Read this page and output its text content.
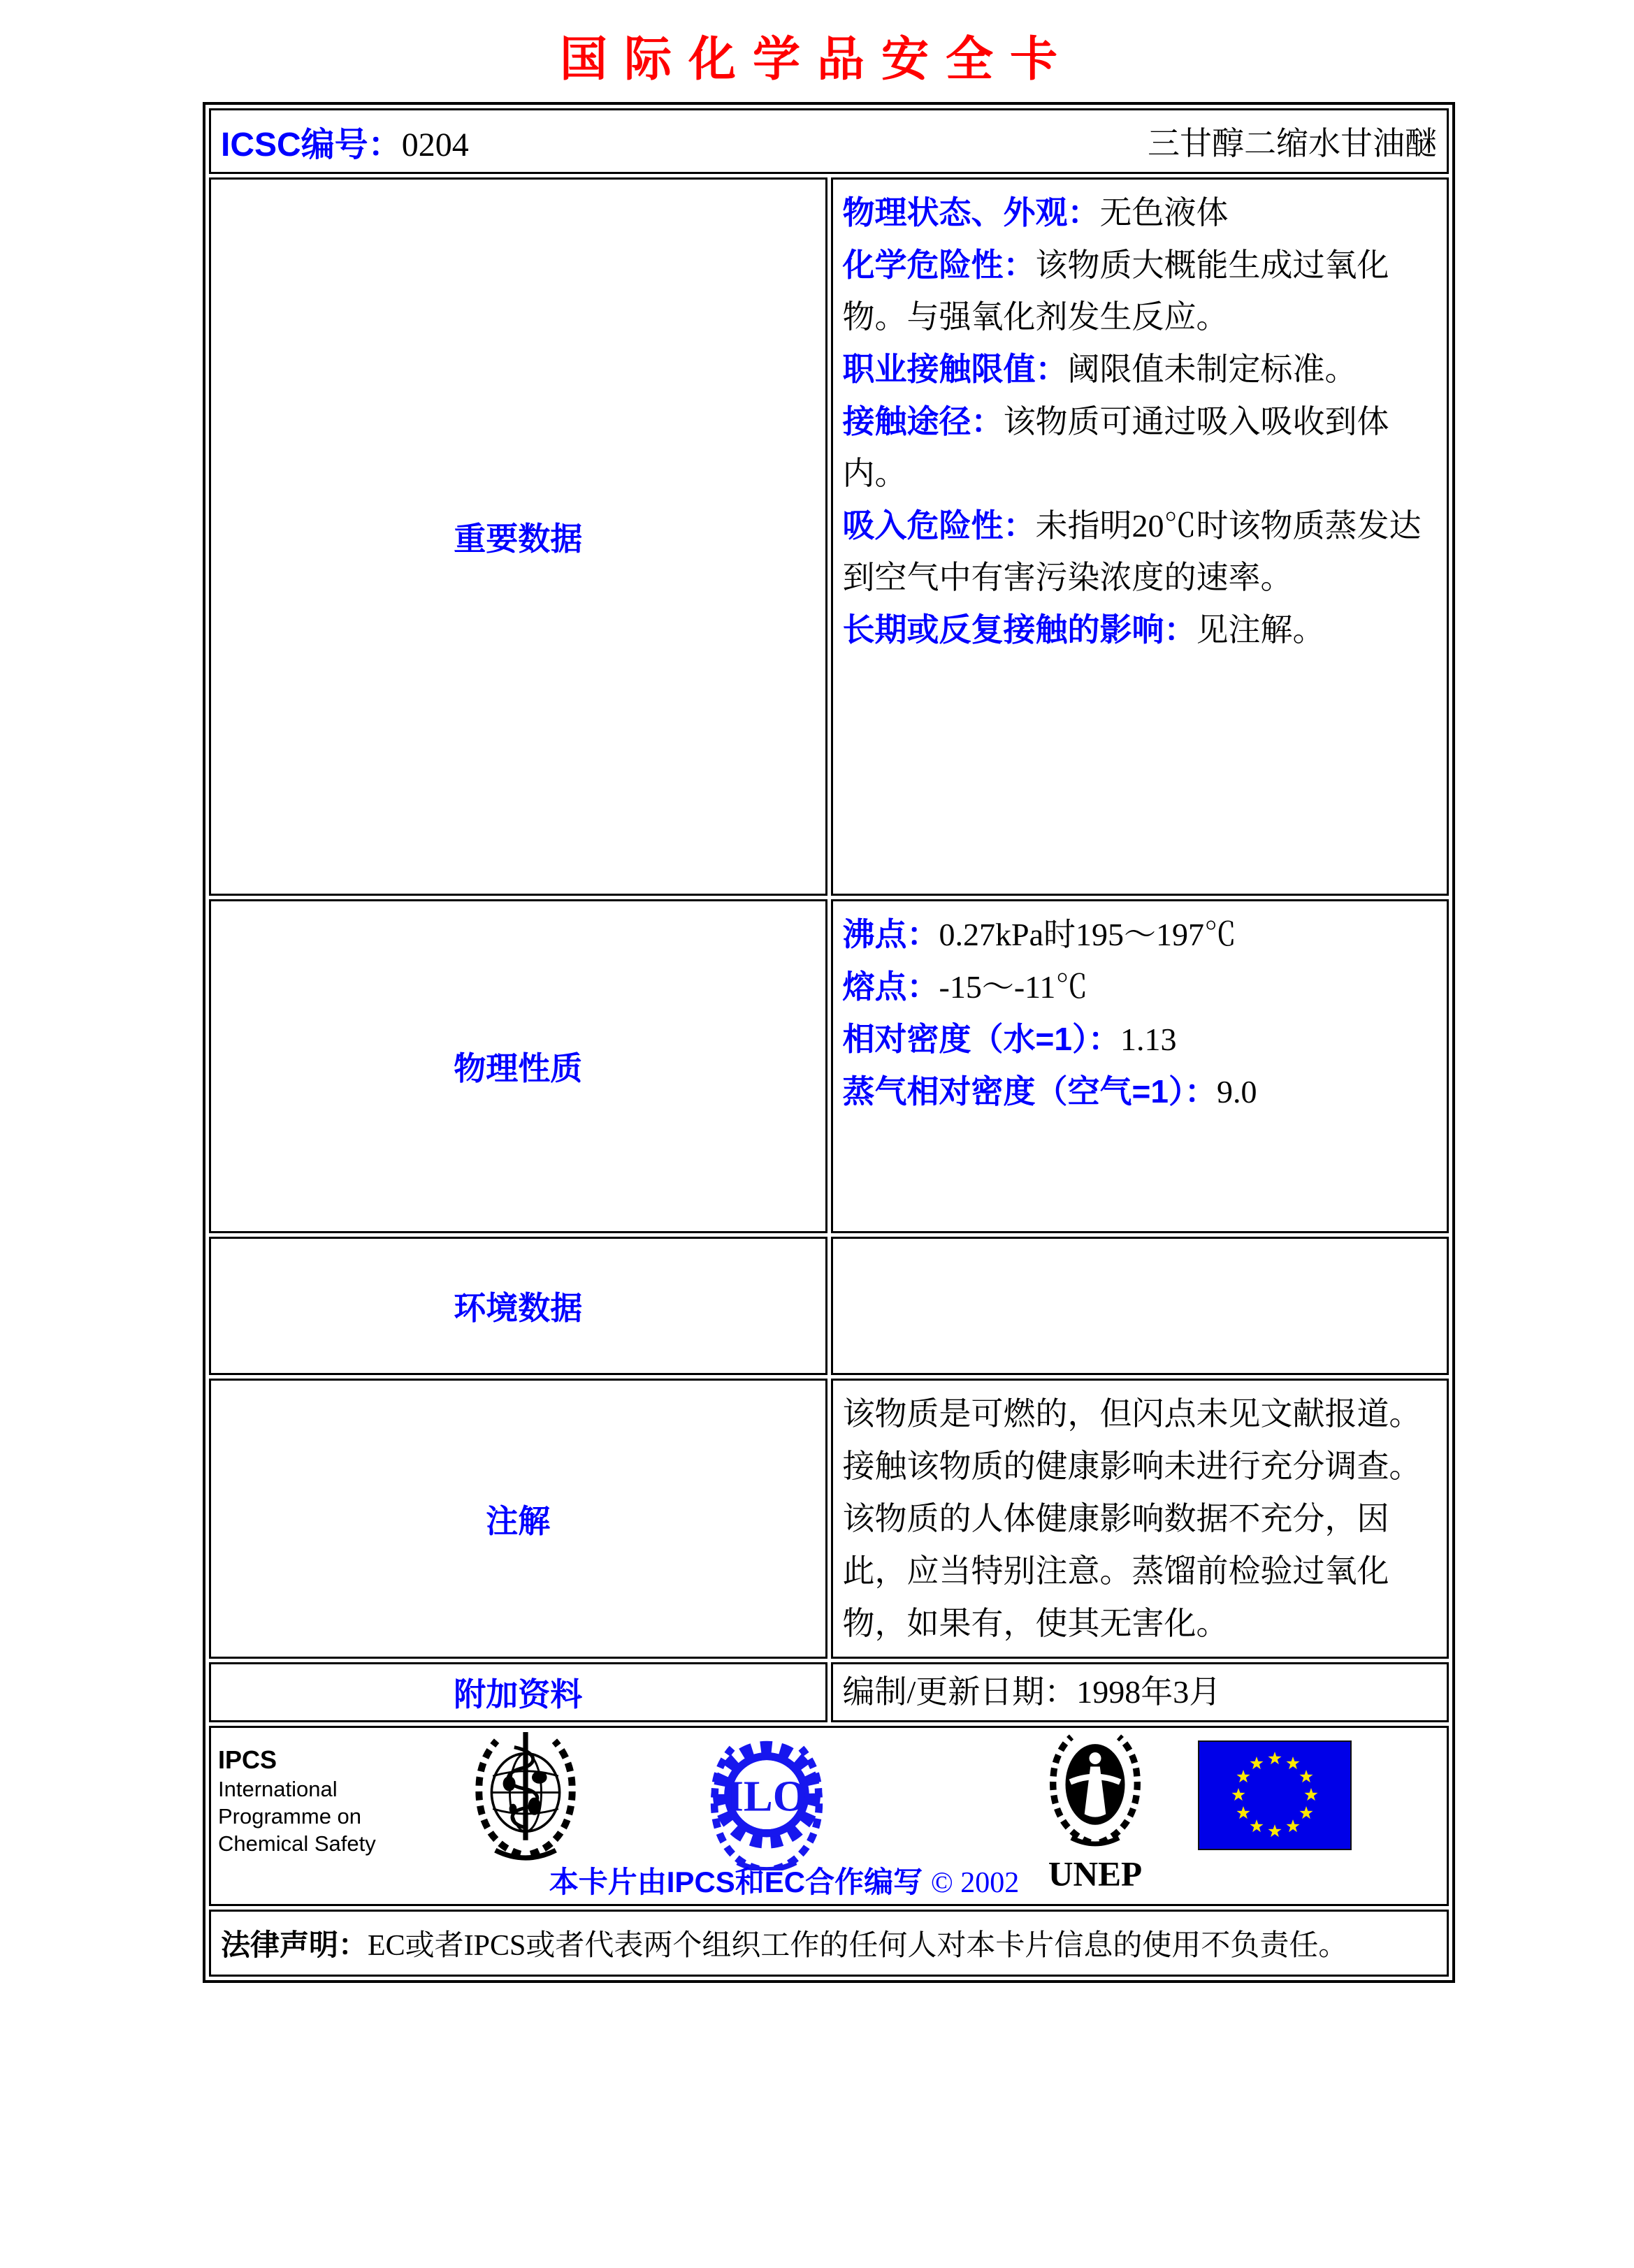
国际化学品安全卡
ICSC编号：0204 三甘醇二缩水甘油醚	

重要数据	
物理状态、外观：无色液体
化学危险性：该物质大概能生成过氧化物。与强氧化剂发生反应。
职业接触限值：阈限值未制定标准。
接触途径：该物质可通过吸入吸收到体内。
吸入危险性：未指明20℃时该物质蒸发达到空气中有害污染浓度的速率。
长期或反复接触的影响：见注解。

物理性质	沸点：0.27kPa时195～197℃
熔点：-15～-11℃
相对密度（水=1）：1.13
蒸气相对密度（空气=1）：9.0

环境数据	
注解	该物质是可燃的，但闪点未见文献报道。接触该物质的健康影响未进行充分调查。该物质的人体健康影响数据不充分，因此，应当特别注意。蒸馏前检验过氧化物，如果有，使其无害化。

附加资料	编制/更新日期：1998年3月

IPCS
International
Programme on
Chemical Safety
ILO
UNEP
本卡片由IPCS和EC合作编写 © 2002

法律声明：EC或者IPCS或者代表两个组织工作的任何人对本卡片信息的使用不负责任。	
